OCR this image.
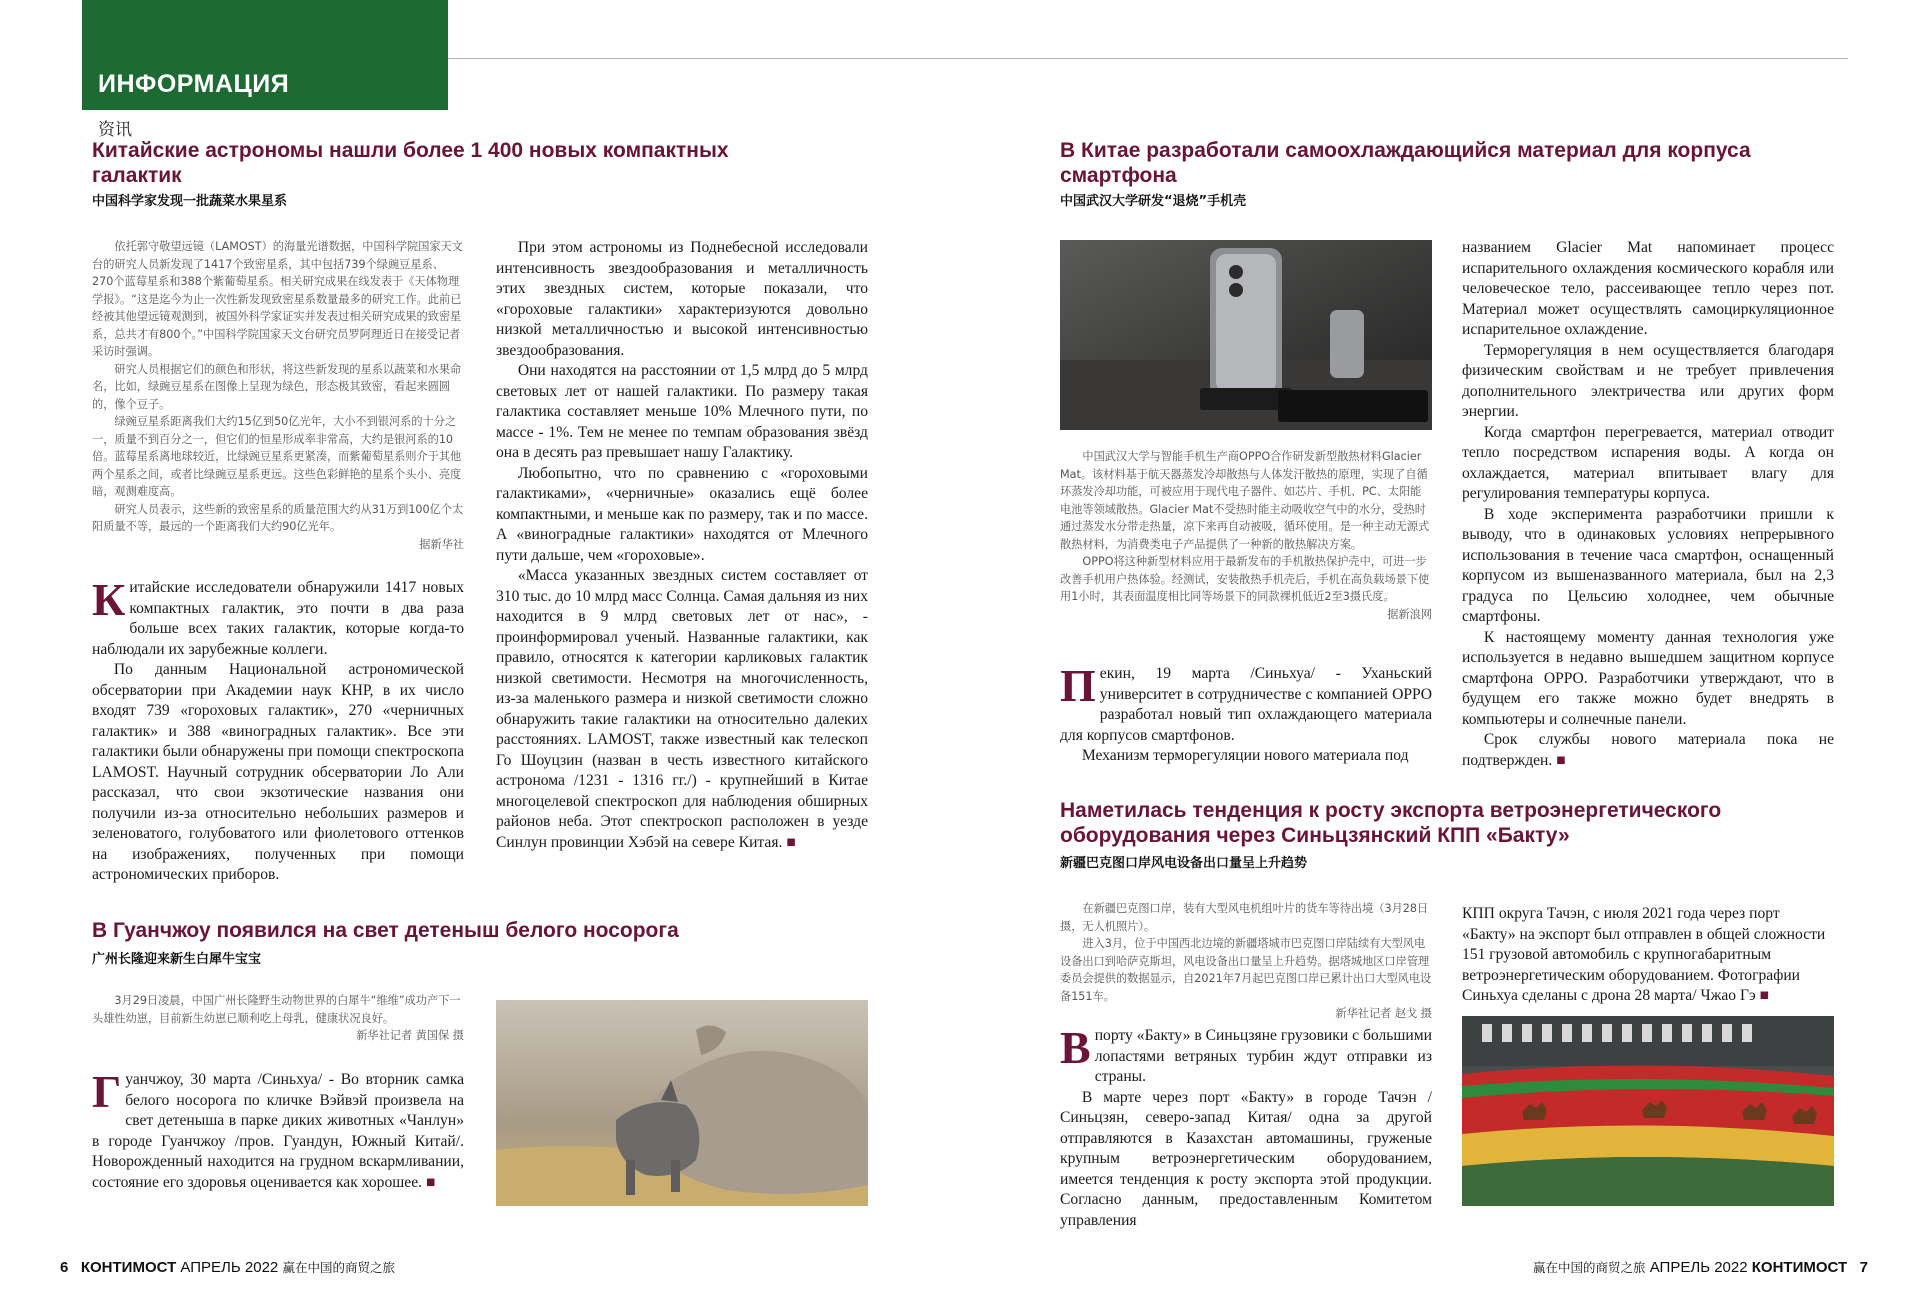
ИНФОРМАЦИЯ
资讯
Китайские астрономы нашли более 1 400 новых компактных галактик
中国科学家发现一批蔬菜水果星系

依托郭守敬望远镜（LAMOST）的海量光谱数据，中国科学院国家天文台的研究人员新发现了1417个致密星系，其中包括739个绿豌豆星系、270个蓝莓星系和388个紫葡萄星系。相关研究成果在线发表于《天体物理学报》。“这是迄今为止一次性新发现致密星系数量最多的研究工作。此前已经被其他望远镜观测到，被国外科学家证实并发表过相关研究成果的致密星系，总共才有800个。”中国科学院国家天文台研究员罗阿理近日在接受记者采访时强调。

研究人员根据它们的颜色和形状，将这些新发现的星系以蔬菜和水果命名，比如，绿豌豆星系在图像上呈现为绿色，形态极其致密，看起来圆圆的，像个豆子。

绿豌豆星系距离我们大约15亿到50亿光年，大小不到银河系的十分之一，质量不到百分之一，但它们的恒星形成率非常高，大约是银河系的10倍。蓝莓星系离地球较近，比绿豌豆星系更紧凑，而紫葡萄星系则介于其他两个星系之间，或者比绿豌豆星系更远。这些色彩鲜艳的星系个头小、亮度暗，观测难度高。

研究人员表示，这些新的致密星系的质量范围大约从31万到100亿个太阳质量不等，最远的一个距离我们大约90亿光年。

据新华社

Китайские исследователи обнаружили 1417 новых компактных галактик, это почти в два раза больше всех таких галактик, которые когда-то наблюдали их зарубежные коллеги.

По данным Национальной астрономической обсерватории при Академии наук КНР, в их число входят 739 «гороховых галактик», 270 «черничных галактик» и 388 «виноградных галактик». Все эти галактики были обнаружены при помощи спектроскопа LAMOST. Научный сотрудник обсерватории Ло Али рассказал, что свои экзотические названия они получили из-за относительно небольших размеров и зеленоватого, голубоватого или фиолетового оттенков на изображениях, полученных при помощи астрономических приборов.

При этом астрономы из Поднебесной исследовали интенсивность звездообразования и металличность этих звездных систем, которые показали, что «гороховые галактики» характеризуются довольно низкой металличностью и высокой интенсивностью звездообразования.

Они находятся на расстоянии от 1,5 млрд до 5 млрд световых лет от нашей галактики. По размеру такая галактика составляет меньше 10% Млечного пути, по массе - 1%. Тем не менее по темпам образования звёзд она в десять раз превышает нашу Галактику.

Любопытно, что по сравнению с «гороховыми галактиками», «черничные» оказались ещё более компактными, и меньше как по размеру, так и по массе. А «виноградные галактики» находятся от Млечного пути дальше, чем «гороховые».

«Масса указанных звездных систем составляет от 310 тыс. до 10 млрд масс Солнца. Самая дальняя из них находится в 9 млрд световых лет от нас», - проинформировал ученый. Названные галактики, как правило, относятся к категории карликовых галактик низкой светимости. Несмотря на многочисленность, из-за маленького размера и низкой светимости сложно обнаружить такие галактики на относительно далеких расстояниях. LAMOST, также известный как телескоп Го Шоуцзин (назван в честь известного китайского астронома /1231 - 1316 гг./) - крупнейший в Китае многоцелевой спектроскоп для наблюдения обширных районов неба. Этот спектроскоп расположен в уезде Синлун провинции Хэбэй на севере Китая. ■

В Гуанчжоу появился на свет детеныш белого носорога
广州长隆迎来新生白犀牛宝宝

3月29日凌晨，中国广州长隆野生动物世界的白犀牛“维维”成功产下一头雄性幼崽，目前新生幼崽已顺利吃上母乳，健康状况良好。

新华社记者 黄国保 摄

Гуанчжоу, 30 марта /Синьхуа/ - Во вторник самка белого носорога по кличке Вэйвэй произвела на свет детеныша в парке диких животных «Чанлун» в городе Гуанчжоу /пров. Гуандун, Южный Китай/. Новорожденный находится на грудном вскармливании, состояние его здоровья оценивается как хорошее. ■

В Китае разработали самоохлаждающийся материал для корпуса смартфона
中国武汉大学研发“退烧”手机壳

中国武汉大学与智能手机生产商OPPO合作研发新型散热材料Glacier Mat。该材料基于航天器蒸发冷却散热与人体发汗散热的原理，实现了自循环蒸发冷却功能，可被应用于现代电子器件、如芯片、手机、PC、太阳能电池等领域散热。Glacier Mat不受热时能主动吸收空气中的水分，受热时通过蒸发水分带走热量，凉下来再自动被吸，循环使用。是一种主动无源式散热材料，为消费类电子产品提供了一种新的散热解决方案。

OPPO将这种新型材料应用于最新发布的手机散热保护壳中，可进一步改善手机用户热体验。经测试，安装散热手机壳后，手机在高负载场景下使用1小时，其表面温度相比同等场景下的同款裸机低近2至3摄氏度。

据新浪网

Пекин, 19 марта /Синьхуа/ - Уханьский университет в сотрудничестве с компанией OPPO разработал новый тип охлаждающего материала для корпусов смартфонов.

Механизм терморегуляции нового материала под

названием Glacier Mat напоминает процесс испарительного охлаждения космического корабля или человеческое тело, рассеивающее тепло через пот. Материал может осуществлять самоциркуляционное испарительное охлаждение.

Терморегуляция в нем осуществляется благодаря физическим свойствам и не требует привлечения дополнительного электричества или других форм энергии.

Когда смартфон перегревается, материал отводит тепло посредством испарения воды. А когда он охлаждается, материал впитывает влагу для регулирования температуры корпуса.

В ходе эксперимента разработчики пришли к выводу, что в одинаковых условиях непрерывного использования в течение часа смартфон, оснащенный корпусом из вышеназванного материала, был на 2,3 градуса по Цельсию холоднее, чем обычные смартфоны.

К настоящему моменту данная технология уже используется в недавно вышедшем защитном корпусе смартфона OPPO. Разработчики утверждают, что в будущем его также можно будет внедрять в компьютеры и солнечные панели.

Срок службы нового материала пока не подтвержден. ■

Наметилась тенденция к росту экспорта ветроэнергетического оборудования через Синьцзянский КПП «Бакту»
新疆巴克图口岸风电设备出口量呈上升趋势

在新疆巴克图口岸，装有大型风电机组叶片的货车等待出境（3月28日摄，无人机照片）。

进入3月，位于中国西北边境的新疆塔城市巴克图口岸陆续有大型风电设备出口到哈萨克斯坦，风电设备出口量呈上升趋势。据塔城地区口岸管理委员会提供的数据显示，自2021年7月起巴克图口岸已累计出口大型风电设备151车。

新华社记者 赵戈 摄

Впорту «Бакту» в Синьцзяне грузовики с большими лопастями ветряных турбин ждут отправки из страны.

В марте через порт «Бакту» в городе Тачэн /Синьцзян, северо-запад Китая/ одна за другой отправляются в Казахстан автомашины, груженые крупным ветроэнергетическим оборудованием, имеется тенденция к росту экспорта этой продукции. Согласно данным, предоставленным Комитетом управления

КПП округа Тачэн, с июля 2021 года через порт «Бакту» на экспорт был отправлен в общей сложности 151 грузовой автомобиль с крупногабаритным ветроэнергетическим оборудованием. Фотографии Синьхуа сделаны с дрона 28 марта/ Чжао Гэ ■

6 КОНТИМОСТ АПРЕЛЬ 2022 赢在中国的商贸之旅	赢在中国的商贸之旅 АПРЕЛЬ 2022 КОНТИМОСТ 7
